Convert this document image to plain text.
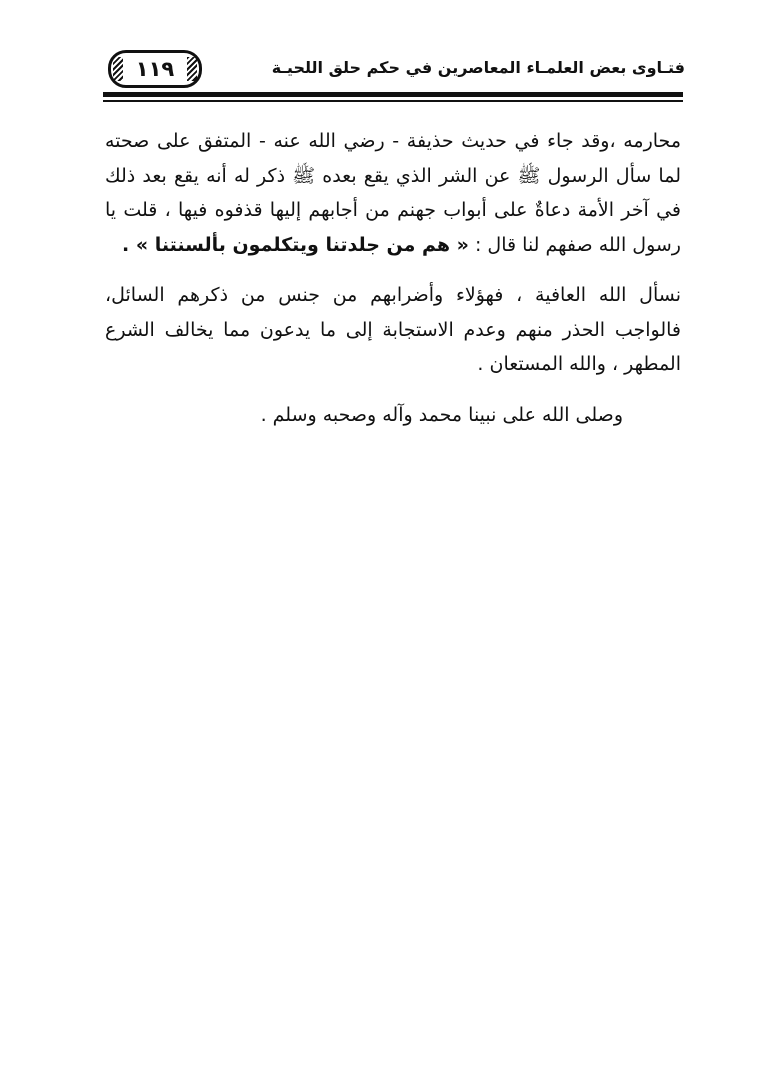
١١٩	فتـاوى بعض العلمـاء المعاصرين في حكم حلق اللحيـة

محارمه ،وقد جاء في حديث حذيفة - رضي الله عنه - المتفق على صحته لما سأل الرسول ﷺ عن الشر الذي يقع بعده ﷺ ذكر له أنه يقع بعد ذلك في آخر الأمة دعاةٌ على أبواب جهنم من أجابهم إليها قذفوه فيها ، قلت يا رسول الله صفهم لنا قال : « هم من جلدتنا ويتكلمون بألسنتنا » .

نسأل الله العافية ، فهؤلاء وأضرابهم من جنس من ذكرهم السائل، فالواجب الحذر منهم وعدم الاستجابة إلى ما يدعون مما يخالف الشرع المطهر ، والله المستعان .

وصلى الله على نبينا محمد وآله وصحبه وسلم .
